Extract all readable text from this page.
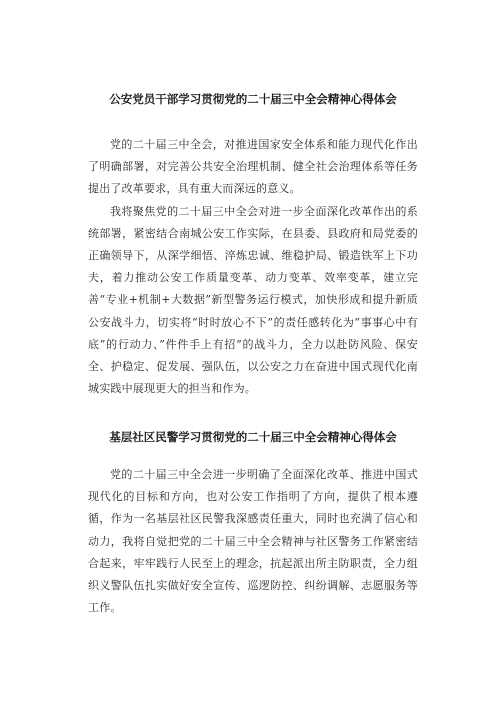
公安党员干部学习贯彻党的二十届三中全会精神心得体会

党的二十届三中全会，对推进国家安全体系和能力现代化作出了明确部署，对完善公共安全治理机制、健全社会治理体系等任务提出了改革要求，具有重大而深远的意义。

我将聚焦党的二十届三中全会对进一步全面深化改革作出的系统部署，紧密结合南城公安工作实际，在县委、县政府和局党委的正确领导下，从深学细悟、淬炼忠诚、维稳护局、锻造铁军上下功夫，着力推动公安工作质量变革、动力变革、效率变革，建立完善“专业+机制+大数据”新型警务运行模式，加快形成和提升新质公安战斗力，切实将“时时放心不下”的责任感转化为“事事心中有底”的行动力、”件件手上有招”的战斗力，全力以赴防风险、保安全、护稳定、促发展、强队伍，以公安之力在奋进中国式现代化南城实践中展现更大的担当和作为。

基层社区民警学习贯彻党的二十届三中全会精神心得体会

党的二十届三中全会进一步明确了全面深化改革、推进中国式现代化的目标和方向，也对公安工作指明了方向，提供了根本遵循，作为一名基层社区民警我深感责任重大，同时也充满了信心和动力，我将自觉把党的二十届三中全会精神与社区警务工作紧密结合起来，牢牢践行人民至上的理念，抗起派出所主防职责，全力组织义警队伍扎实做好安全宣传、巡逻防控、纠纷调解、志愿服务等工作。
